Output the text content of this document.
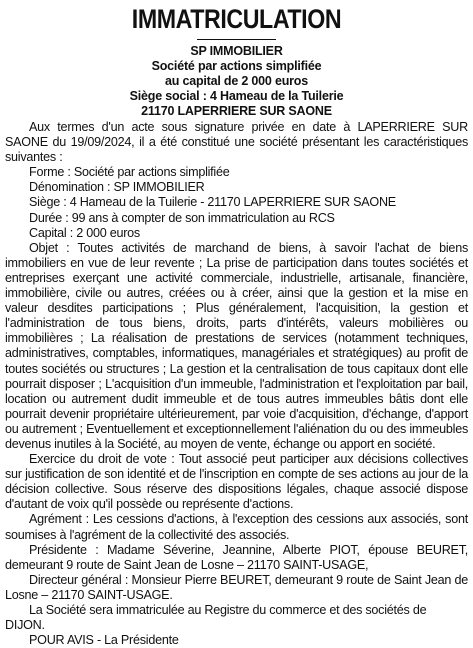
IMMATRICULATION
SP IMMOBILIER
Société par actions simplifiée
au capital de 2 000 euros
Siège social : 4 Hameau de la Tuilerie
21170 LAPERRIERE SUR SAONE

Aux termes d'un acte sous signature privée en date à LAPERRIERE SUR SAONE du 19/09/2024, il a été constitué une société présentant les caractéristiques suivantes :

Forme : Société par actions simplifiée

Dénomination : SP IMMOBILIER

Siège : 4 Hameau de la Tuilerie - 21170 LAPERRIERE SUR SAONE

Durée : 99 ans à compter de son immatriculation au RCS

Capital : 2 000 euros

Objet : Toutes activités de marchand de biens, à savoir l'achat de biens immobiliers en vue de leur revente ; La prise de participation dans toutes sociétés et entreprises exerçant une activité commerciale, industrielle, artisanale, financière, immobilière, civile ou autres, créées ou à créer, ainsi que la gestion et la mise en valeur desdites participations ; Plus généralement, l'acquisition, la gestion et l'administration de tous biens, droits, parts d'intérêts, valeurs mobilières ou immobilières ; La réalisation de prestations de services (notamment techniques, administratives, comptables, informatiques, managériales et stratégiques) au profit de toutes sociétés ou structures ; La gestion et la centralisation de tous capitaux dont elle pourrait disposer ; L'acquisition d'un immeuble, l'administration et l'exploitation par bail, location ou autrement dudit immeuble et de tous autres immeubles bâtis dont elle pourrait devenir propriétaire ultérieurement, par voie d'acquisition, d'échange, d'apport ou autrement ; Eventuellement et exceptionnellement l'aliénation du ou des immeubles devenus inutiles à la Société, au moyen de vente, échange ou apport en société.

Exercice du droit de vote : Tout associé peut participer aux décisions collectives sur justification de son identité et de l'inscription en compte de ses actions au jour de la décision collective. Sous réserve des dispositions légales, chaque associé dispose d'autant de voix qu'il possède ou représente d'actions.

Agrément : Les cessions d'actions, à l'exception des cessions aux associés, sont soumises à l'agrément de la collectivité des associés.

Présidente : Madame Séverine, Jeannine, Alberte PIOT, épouse BEURET, demeurant 9 route de Saint Jean de Losne – 21170 SAINT-USAGE,

Directeur général : Monsieur Pierre BEURET, demeurant 9 route de Saint Jean de Losne – 21170 SAINT-USAGE.

La Société sera immatriculée au Registre du commerce et des sociétés de DIJON.

POUR AVIS - La Présidente
